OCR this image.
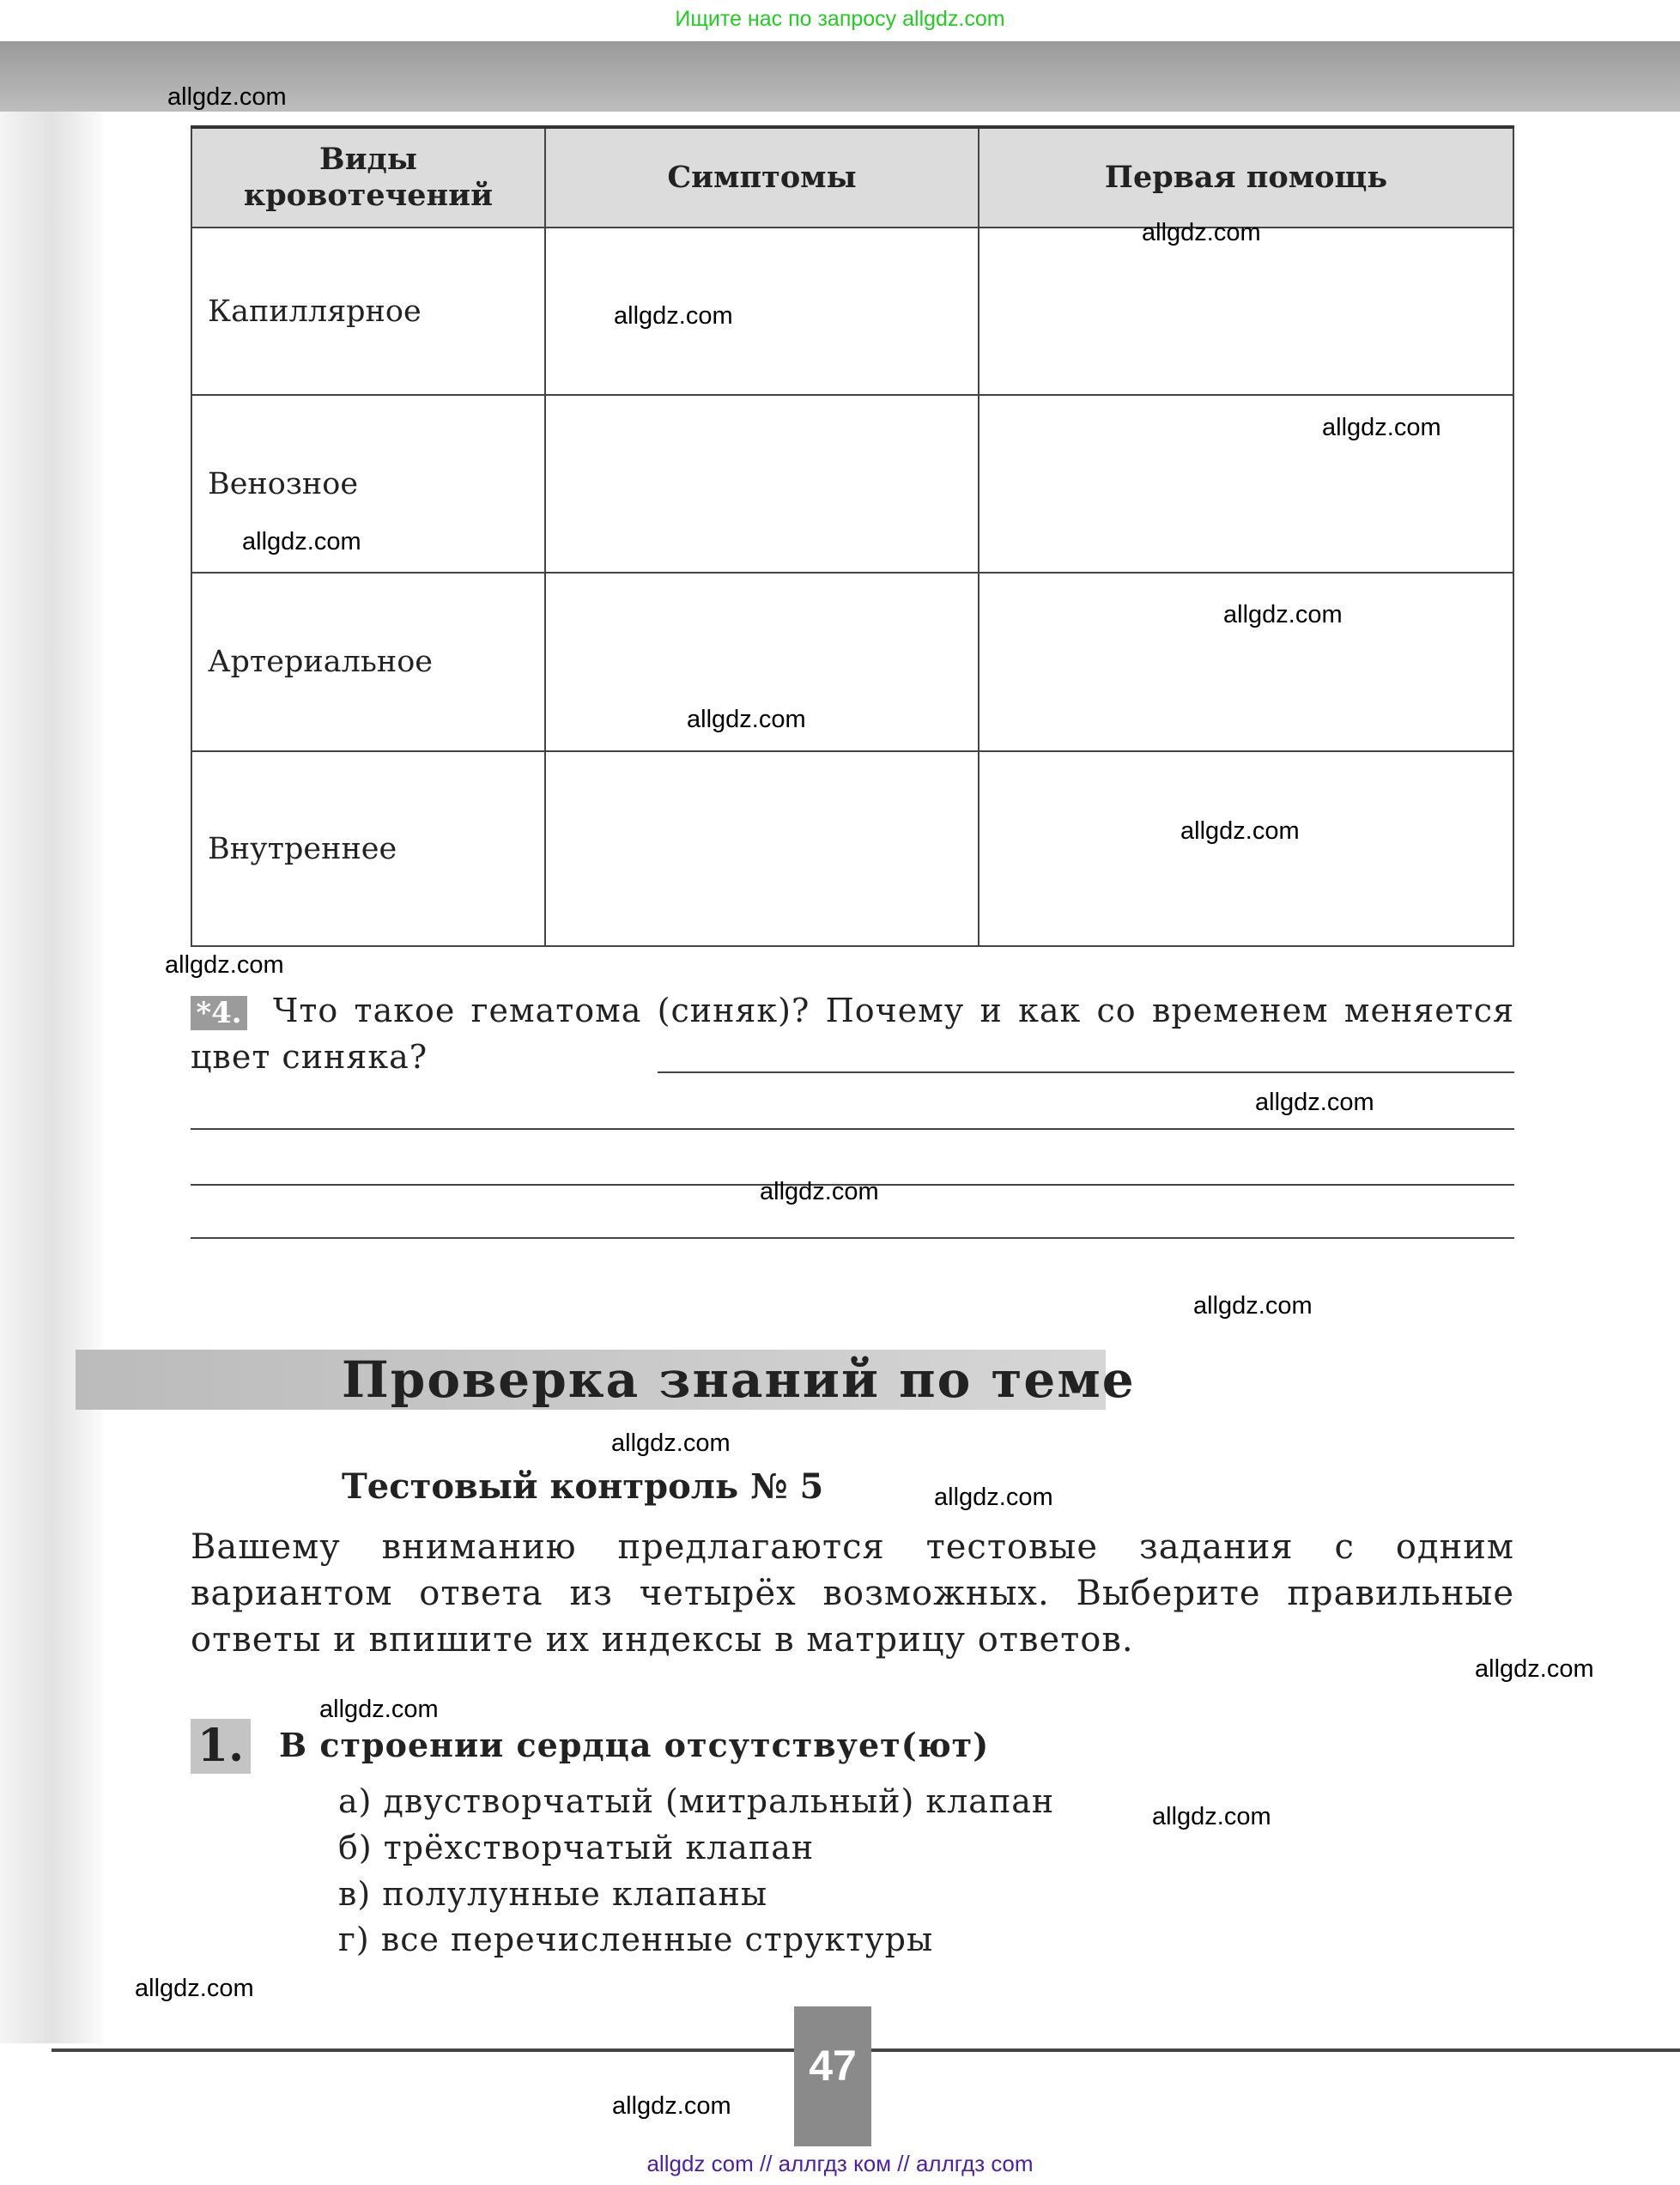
Ищите нас по запросу allgdz.com
Виды кровотечений	Симптомы	Первая помощь
Капиллярное		
Венозное		
Артериальное		
Внутреннее		
Что такое гематома (синяк)? Почему и как со временем меняется цвет синяка?
*4.
Проверка знаний по теме
Тестовый контроль № 5
Вашему вниманию предлагаются тестовые задания с одним вариантом ответа из четырёх возможных. Выберите правильные ответы и впишите их индексы в матрицу ответов.
1. В строении сердца отсутствует(ют)
а) двустворчатый (митральный) клапан
б) трёхстворчатый клапан
в) полулунные клапаны
г) все перечисленные структуры
47
allgdz.com
allgdz.com
allgdz.com
allgdz.com
allgdz.com
allgdz.com
allgdz.com
allgdz.com
allgdz.com
allgdz.com
allgdz.com
allgdz.com
allgdz.com
allgdz.com
allgdz.com
allgdz.com
allgdz.com
allgdz.com
allgdz.com
allgdz com // аллгдз ком // аллгдз com
